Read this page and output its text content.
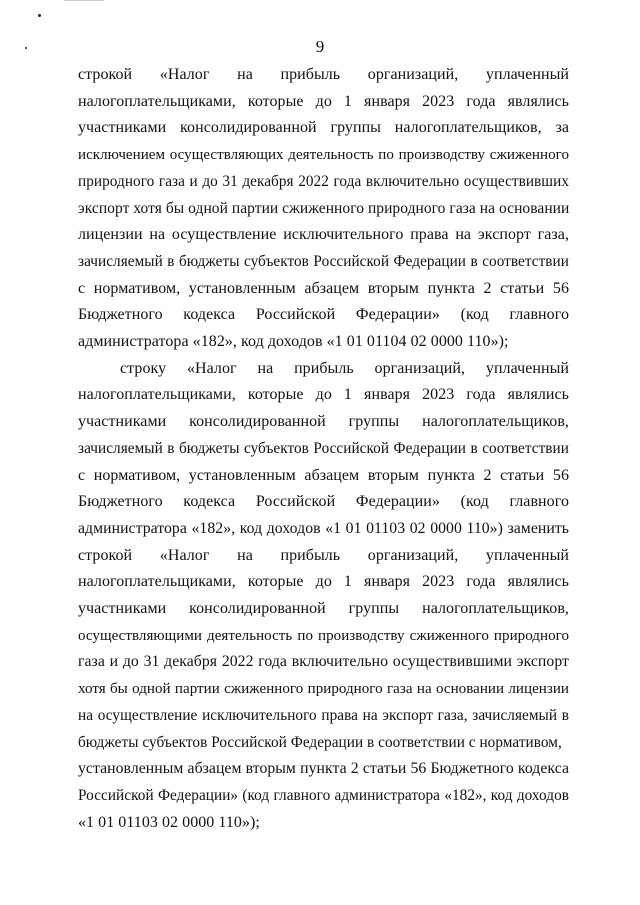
9
строкой «Налог на прибыль организаций, уплаченный
налогоплательщиками, которые до 1 января 2023 года являлись
участниками консолидированной группы налогоплательщиков, за
исключением осуществляющих деятельность по производству сжиженного
природного газа и до 31 декабря 2022 года включительно осуществивших
экспорт хотя бы одной партии сжиженного природного газа на основании
лицензии на осуществление исключительного права на экспорт газа,
зачисляемый в бюджеты субъектов Российской Федерации в соответствии
с нормативом, установленным абзацем вторым пункта 2 статьи 56
Бюджетного кодекса Российской Федерации» (код главного
администратора «182», код доходов «1 01 01104 02 0000 110»);
строку «Налог на прибыль организаций, уплаченный
налогоплательщиками, которые до 1 января 2023 года являлись
участниками консолидированной группы налогоплательщиков,
зачисляемый в бюджеты субъектов Российской Федерации в соответствии
с нормативом, установленным абзацем вторым пункта 2 статьи 56
Бюджетного кодекса Российской Федерации» (код главного
администратора «182», код доходов «1 01 01103 02 0000 110») заменить
строкой «Налог на прибыль организаций, уплаченный
налогоплательщиками, которые до 1 января 2023 года являлись
участниками консолидированной группы налогоплательщиков,
осуществляющими деятельность по производству сжиженного природного
газа и до 31 декабря 2022 года включительно осуществившими экспорт
хотя бы одной партии сжиженного природного газа на основании лицензии
на осуществление исключительного права на экспорт газа, зачисляемый в
бюджеты субъектов Российской Федерации в соответствии с нормативом,
установленным абзацем вторым пункта 2 статьи 56 Бюджетного кодекса
Российской Федерации» (код главного администратора «182», код доходов
«1 01 01103 02 0000 110»);
